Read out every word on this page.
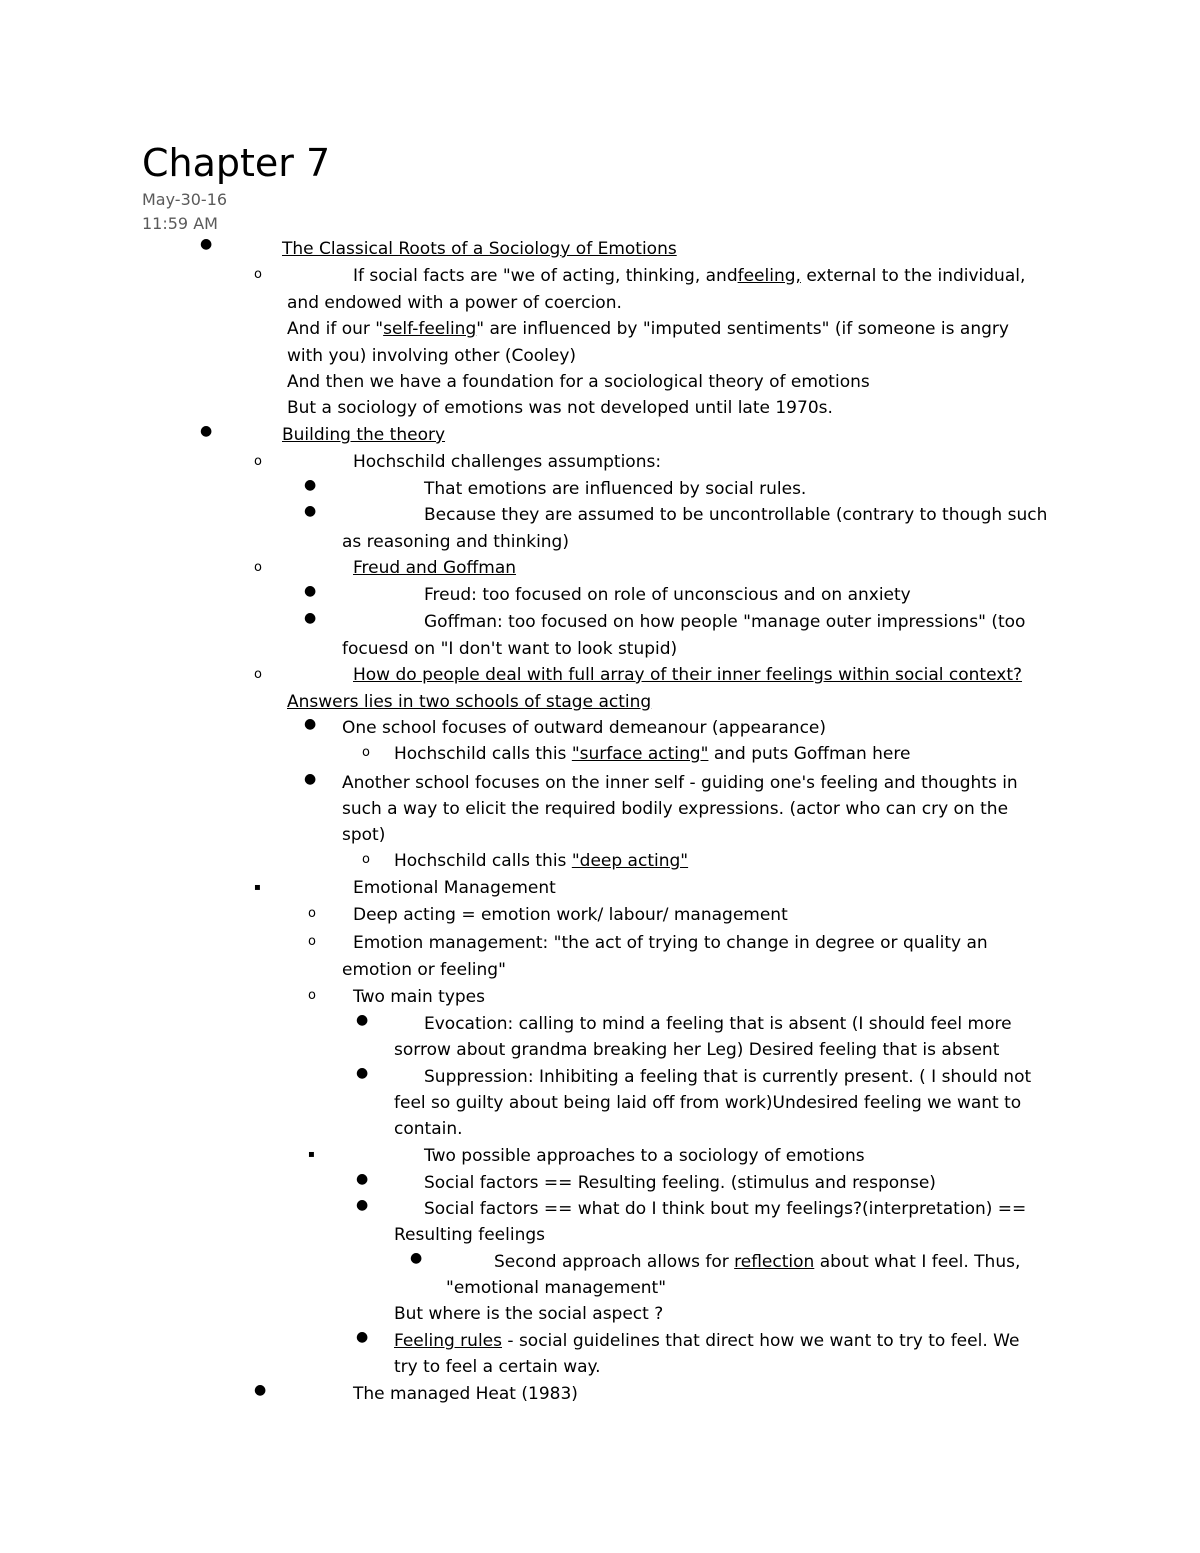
Chapter 7
May-30-16
11:59 AM
●	The Classical Roots of a Sociology of Emotions
o	If social facts are "we of acting, thinking, andfeeling, external to the individual,
and endowed with a power of coercion.
And if our "self-feeling" are influenced by "imputed sentiments" (if someone is angry
with you) involving other (Cooley)
And then we have a foundation for a sociological theory of emotions
But a sociology of emotions was not developed until late 1970s.
●	Building the theory
o	Hochschild challenges assumptions:
●	That emotions are influenced by social rules.
●	Because they are assumed to be uncontrollable (contrary to though such
as reasoning and thinking)
o	Freud and Goffman
●	Freud: too focused on role of unconscious and on anxiety
●	Goffman: too focused on how people "manage outer impressions" (too
focuesd on "I don't want to look stupid)
o	How do people deal with full array of their inner feelings within social context?
Answers lies in two schools of stage acting
● One school focuses of outward demeanour (appearance)
o Hochschild calls this "surface acting" and puts Goffman here
● Another school focuses on the inner self - guiding one's feeling and thoughts in
such a way to elicit the required bodily expressions. (actor who can cry on the
spot)
o Hochschild calls this "deep acting"
▪	Emotional Management
o Deep acting = emotion work/ labour/ management
o Emotion management: "the act of trying to change in degree or quality an
emotion or feeling"
o Two main types
●	Evocation: calling to mind a feeling that is absent (I should feel more
sorrow about grandma breaking her Leg) Desired feeling that is absent
●	Suppression: Inhibiting a feeling that is currently present. ( I should not
feel so guilty about being laid off from work)Undesired feeling we want to
contain.
▪	Two possible approaches to a sociology of emotions
●	Social factors == Resulting feeling. (stimulus and response)
●	Social factors == what do I think bout my feelings?(interpretation) ==
Resulting feelings
●	Second approach allows for reflection about what I feel. Thus,
"emotional management"
But where is the social aspect ?
● Feeling rules - social guidelines that direct how we want to try to feel. We
try to feel a certain way.
●	The managed Heat (1983)
